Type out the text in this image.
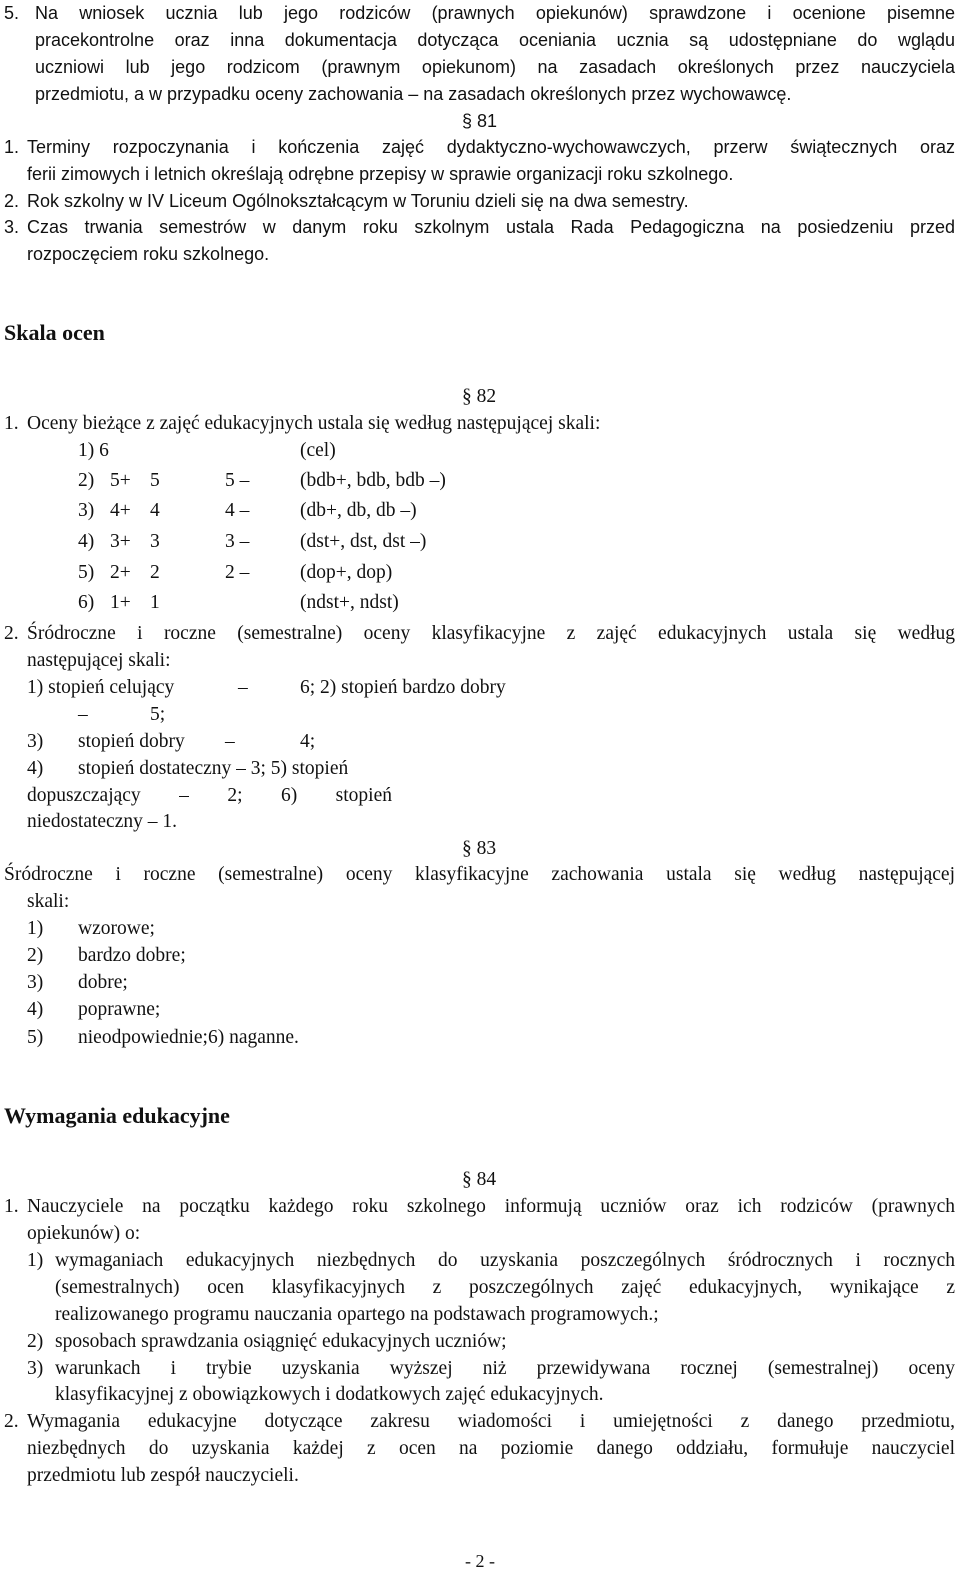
5. Na wniosek ucznia lub jego rodziców (prawnych opiekunów) sprawdzone i ocenione pisemne
pracekontrolne oraz inna dokumentacja dotycząca oceniania ucznia są udostępniane do wglądu
uczniowi lub jego rodzicom (prawnym opiekunom) na zasadach określonych przez nauczyciela
przedmiotu, a w przypadku oceny zachowania – na zasadach określonych przez wychowawcę.
§ 81
1. Terminy rozpoczynania i kończenia zajęć dydaktyczno-wychowawczych, przerw świątecznych oraz
ferii zimowych i letnich określają odrębne przepisy w sprawie organizacji roku szkolnego.
2. Rok szkolny w IV Liceum Ogólnokształcącym w Toruniu dzieli się na dwa semestry.
3. Czas trwania semestrów w danym roku szkolnym ustala Rada Pedagogiczna na posiedzeniu przed
rozpoczęciem roku szkolnego.
Skala ocen
§ 82
1. Oceny bieżące z zajęć edukacyjnych ustala się według następującej skali:
1) 6	(cel)
2) 5+ 5	5 –	(bdb+, bdb, bdb –)
3) 4+ 4	4 –	(db+, db, db –)
4) 3+ 3	3 –	(dst+, dst, dst –)
5) 2+ 2	2 –	(dop+, dop)
6) 1+ 1	(ndst+, ndst)
2. Śródroczne i roczne (semestralne) oceny klasyfikacyjne z zajęć edukacyjnych ustala się według
następującej skali:
1) stopień celujący	–	6; 2) stopień bardzo dobry
–	5;
3) stopień dobry –	4;
4) stopień dostateczny – 3; 5) stopień
dopuszczający – 2; 6) stopień
niedostateczny – 1.
§ 83
Śródroczne i roczne (semestralne) oceny klasyfikacyjne zachowania ustala się według następującej
skali:
1) wzorowe;
2) bardzo dobre;
3) dobre;
4) poprawne;
5) nieodpowiednie;6) naganne.
Wymagania edukacyjne
§ 84
1. Nauczyciele na początku każdego roku szkolnego informują uczniów oraz ich rodziców (prawnych
opiekunów) o:
1) wymaganiach edukacyjnych niezbędnych do uzyskania poszczególnych śródrocznych i rocznych
(semestralnych) ocen klasyfikacyjnych z poszczególnych zajęć edukacyjnych, wynikające z
realizowanego programu nauczania opartego na podstawach programowych.;
2) sposobach sprawdzania osiągnięć edukacyjnych uczniów;
3) warunkach i trybie uzyskania wyższej niż przewidywana rocznej (semestralnej) oceny
klasyfikacyjnej z obowiązkowych i dodatkowych zajęć edukacyjnych.
2. Wymagania edukacyjne dotyczące zakresu wiadomości i umiejętności z danego przedmiotu,
niezbędnych do uzyskania każdej z ocen na poziomie danego oddziału, formułuje nauczyciel
przedmiotu lub zespół nauczycieli.
- 2 -
